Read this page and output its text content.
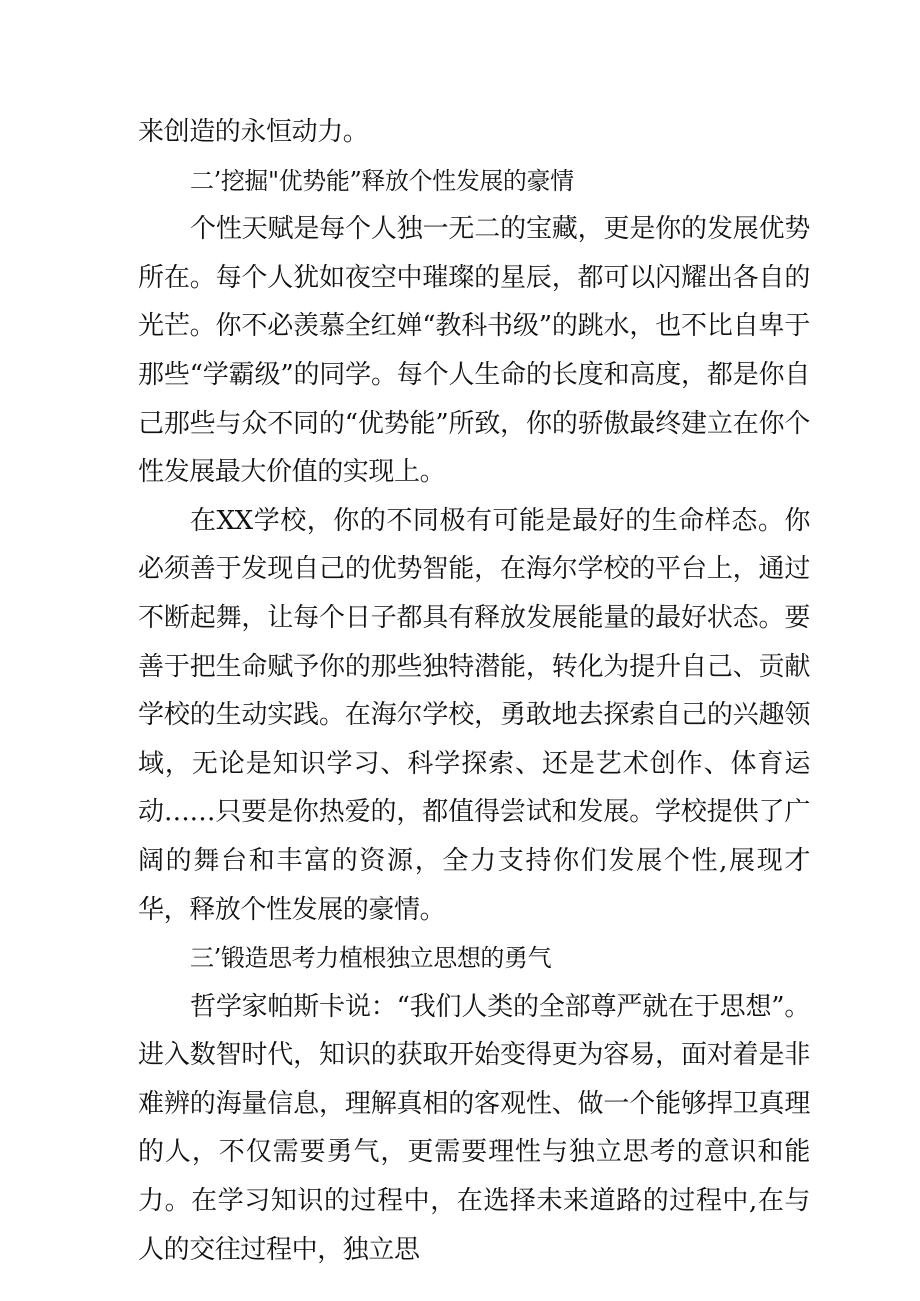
来创造的永恒动力。

二’挖掘"优势能”释放个性发展的豪情

个性天赋是每个人独一无二的宝藏，更是你的发展优势所在。每个人犹如夜空中璀璨的星辰，都可以闪耀出各自的光芒。你不必羡慕全红婵“教科书级”的跳水，也不比自卑于那些“学霸级”的同学。每个人生命的长度和高度，都是你自己那些与众不同的“优势能”所致，你的骄傲最终建立在你个性发展最大价值的实现上。

在XX学校，你的不同极有可能是最好的生命样态。你必须善于发现自己的优势智能，在海尔学校的平台上，通过不断起舞，让每个日子都具有释放发展能量的最好状态。要善于把生命赋予你的那些独特潜能，转化为提升自己、贡献学校的生动实践。在海尔学校，勇敢地去探索自己的兴趣领域，无论是知识学习、科学探索、还是艺术创作、体育运动……只要是你热爱的，都值得尝试和发展。学校提供了广阔的舞台和丰富的资源，全力支持你们发展个性,展现才华，释放个性发展的豪情。

三’锻造思考力植根独立思想的勇气

哲学家帕斯卡说：“我们人类的全部尊严就在于思想”。进入数智时代，知识的获取开始变得更为容易，面对着是非难辨的海量信息，理解真相的客观性、做一个能够捍卫真理的人，不仅需要勇气，更需要理性与独立思考的意识和能力。在学习知识的过程中，在选择未来道路的过程中,在与人的交往过程中，独立思
